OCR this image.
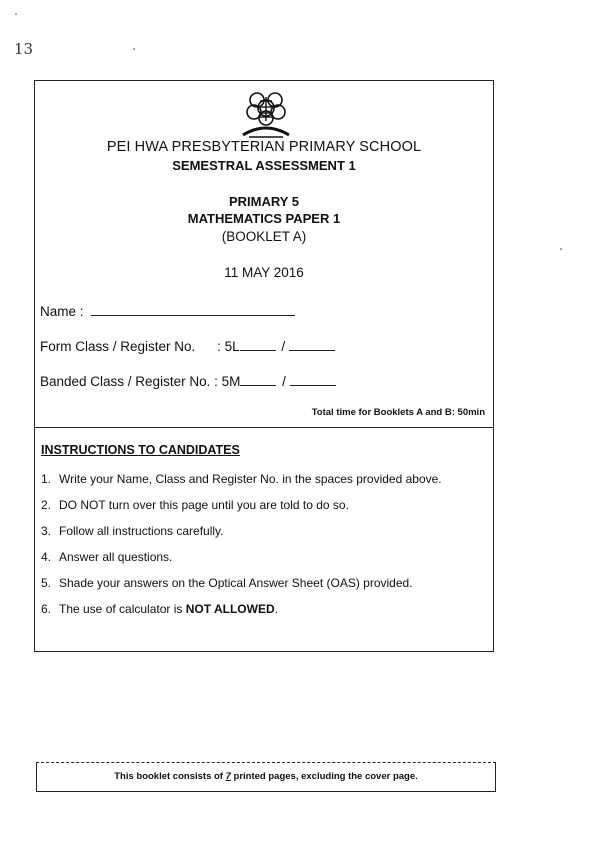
13
PEI HWA PRESBYTERIAN PRIMARY SCHOOL
SEMESTRAL ASSESSMENT 1
PRIMARY 5
MATHEMATICS PAPER 1
(BOOKLET A)
11 MAY 2016
Name :
Form Class / Register No. : 5L	/
Banded Class / Register No. : 5M	/
Total time for Booklets A and B: 50min
INSTRUCTIONS TO CANDIDATES
1. Write your Name, Class and Register No. in the spaces provided above.
2. DO NOT turn over this page until you are told to do so.
3. Follow all instructions carefully.
4. Answer all questions.
5. Shade your answers on the Optical Answer Sheet (OAS) provided.
6. The use of calculator is NOT ALLOWED.
This booklet consists of 7 printed pages, excluding the cover page.
